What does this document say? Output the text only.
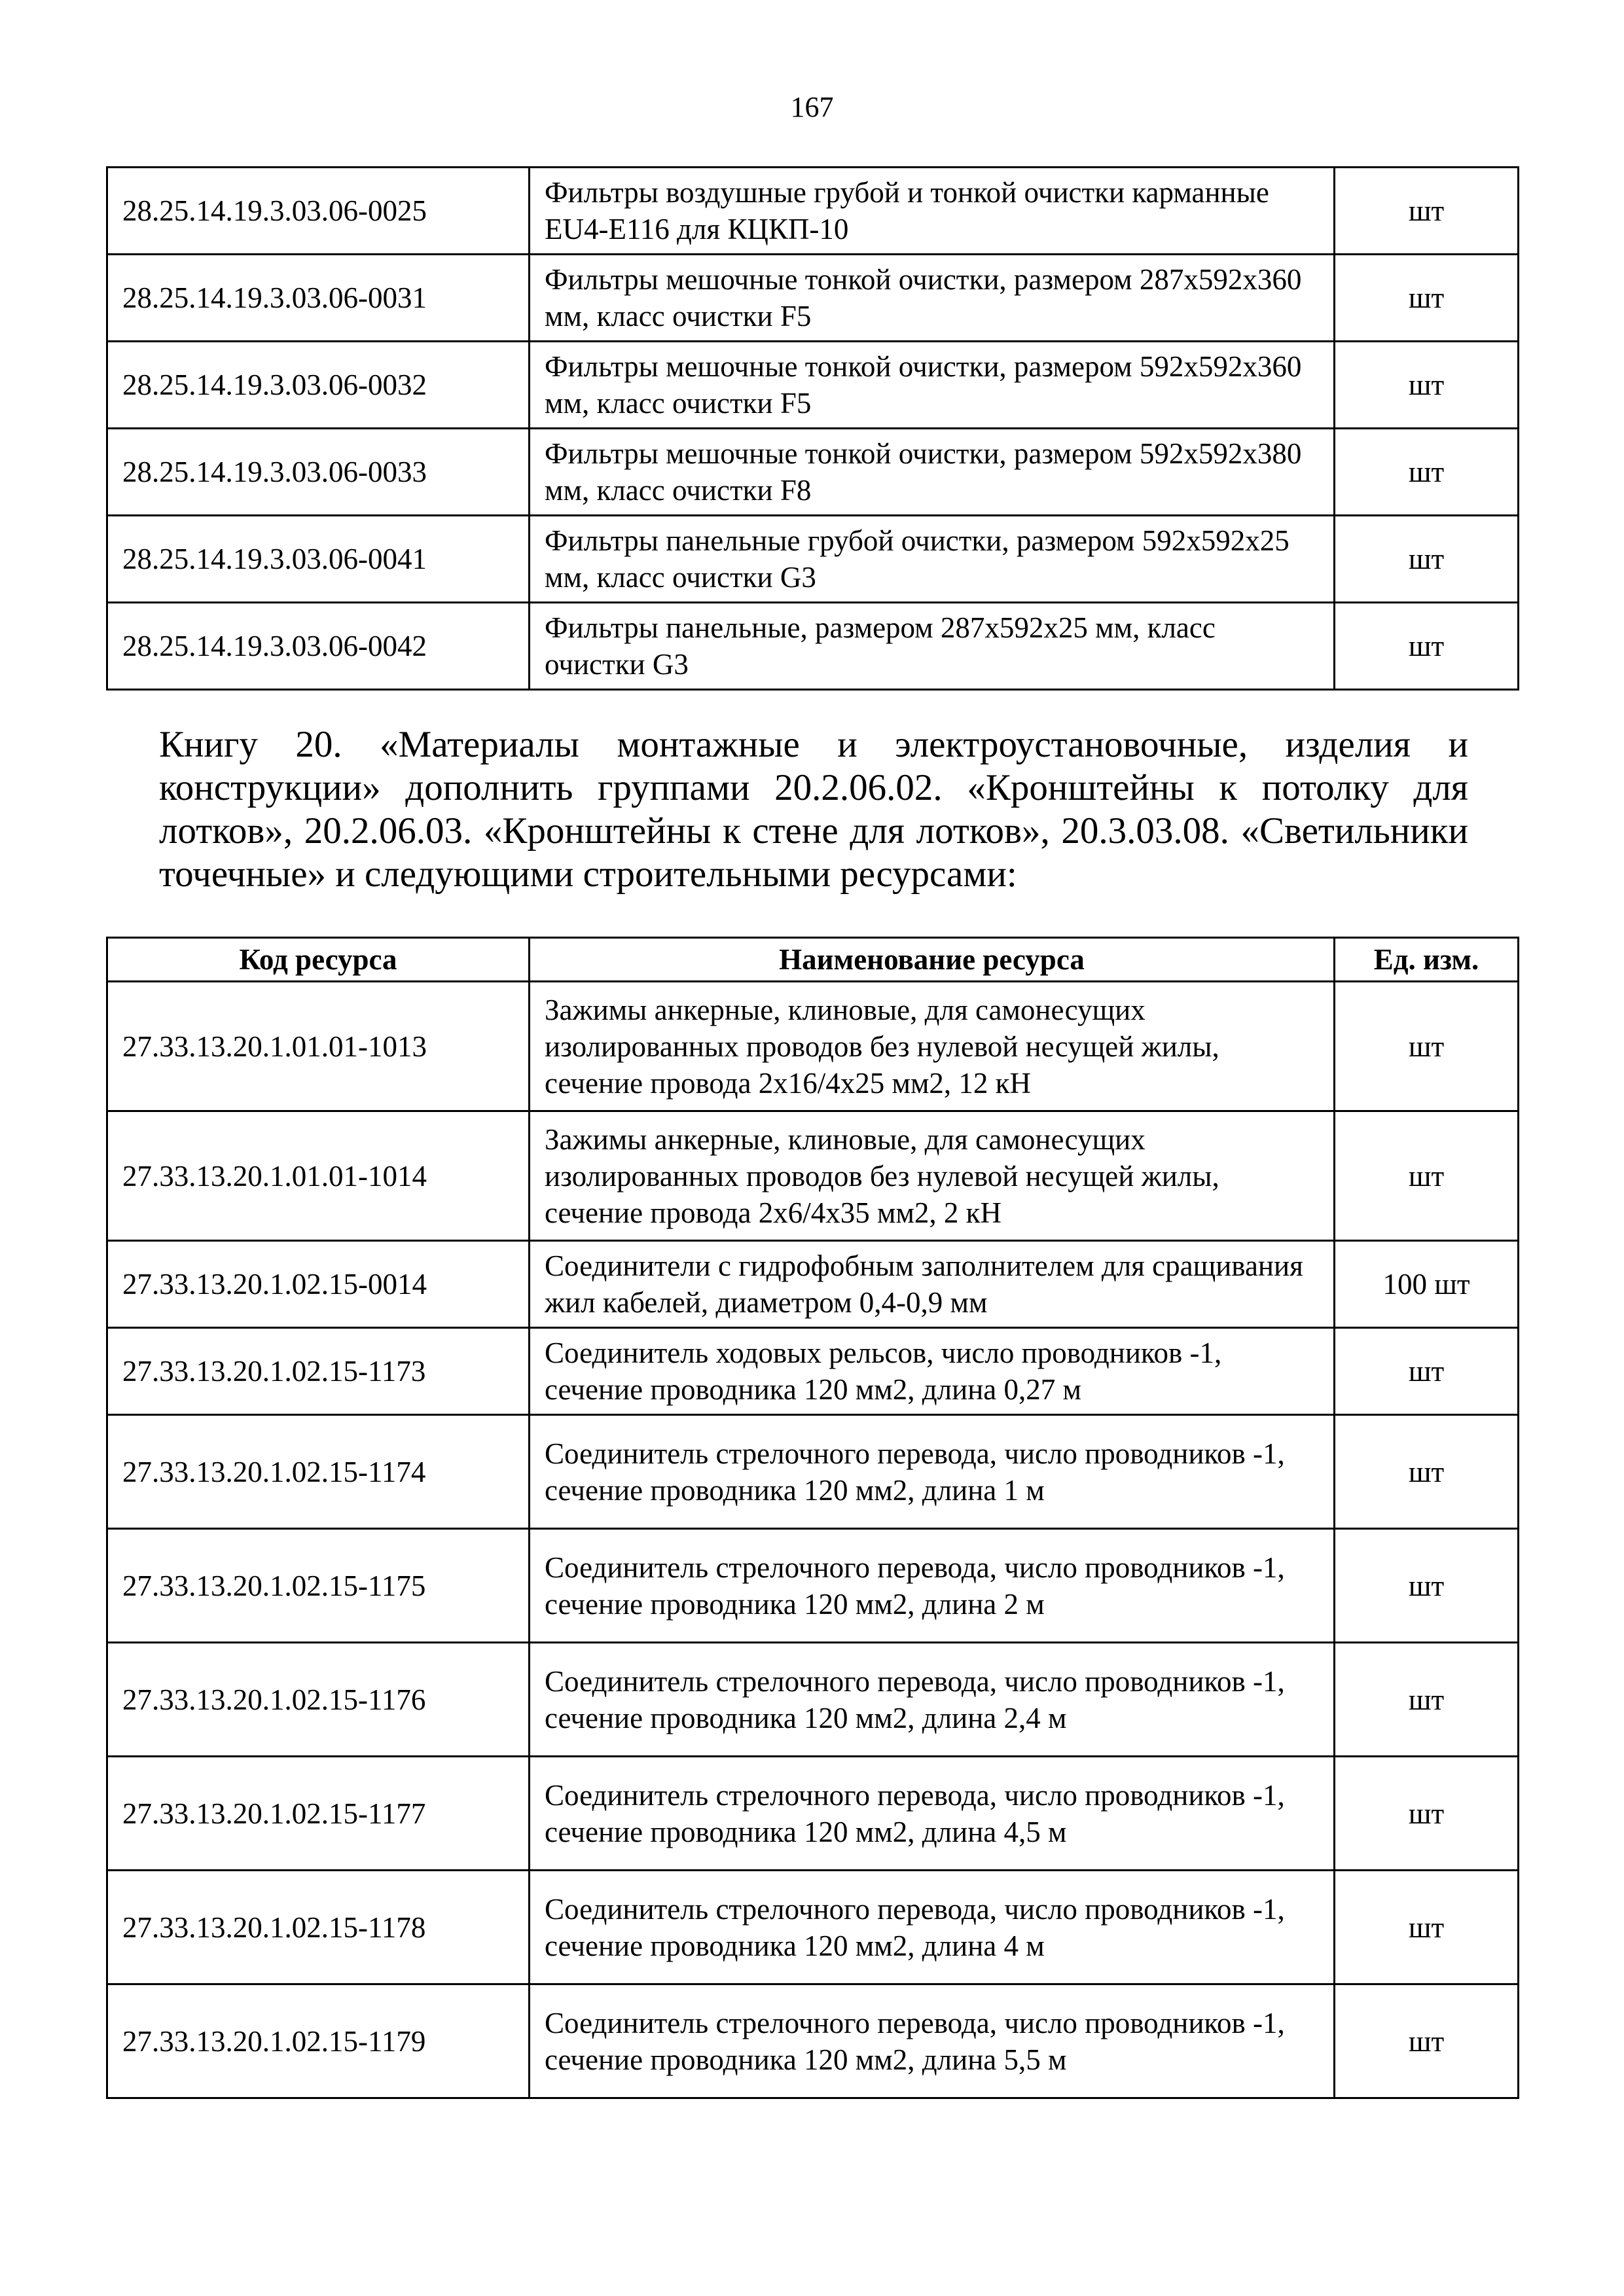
167
28.25.14.19.3.03.06-0025	Фильтры воздушные грубой и тонкой очистки карманные EU4-E116 для КЦКП-10	шт
28.25.14.19.3.03.06-0031	Фильтры мешочные тонкой очистки, размером 287x592x360 мм, класс очистки F5	шт
28.25.14.19.3.03.06-0032	Фильтры мешочные тонкой очистки, размером 592x592x360 мм, класс очистки F5	шт
28.25.14.19.3.03.06-0033	Фильтры мешочные тонкой очистки, размером 592x592x380 мм, класс очистки F8	шт
28.25.14.19.3.03.06-0041	Фильтры панельные грубой очистки, размером 592x592x25 мм, класс очистки G3	шт
28.25.14.19.3.03.06-0042	Фильтры панельные, размером 287x592x25 мм, класс очистки G3	шт
Книгу 20. «Материалы монтажные и электроустановочные, изделия и
конструкции» дополнить группами 20.2.06.02. «Кронштейны к потолку для
лотков», 20.2.06.03. «Кронштейны к стене для лотков», 20.3.03.08. «Светильники
точечные» и следующими строительными ресурсами:
Код ресурса	Наименование ресурса	Ед. изм.
27.33.13.20.1.01.01-1013	Зажимы анкерные, клиновые, для самонесущих изолированных проводов без нулевой несущей жилы, сечение провода 2x16/4x25 мм2, 12 кН	шт
27.33.13.20.1.01.01-1014	Зажимы анкерные, клиновые, для самонесущих изолированных проводов без нулевой несущей жилы, сечение провода 2x6/4x35 мм2, 2 кН	шт
27.33.13.20.1.02.15-0014	Соединители с гидрофобным заполнителем для сращивания жил кабелей, диаметром 0,4-0,9 мм	100 шт
27.33.13.20.1.02.15-1173	Соединитель ходовых рельсов, число проводников -1, сечение проводника 120 мм2, длина 0,27 м	шт
27.33.13.20.1.02.15-1174	Соединитель стрелочного перевода, число проводников -1, сечение проводника 120 мм2, длина 1 м	шт
27.33.13.20.1.02.15-1175	Соединитель стрелочного перевода, число проводников -1, сечение проводника 120 мм2, длина 2 м	шт
27.33.13.20.1.02.15-1176	Соединитель стрелочного перевода, число проводников -1, сечение проводника 120 мм2, длина 2,4 м	шт
27.33.13.20.1.02.15-1177	Соединитель стрелочного перевода, число проводников -1, сечение проводника 120 мм2, длина 4,5 м	шт
27.33.13.20.1.02.15-1178	Соединитель стрелочного перевода, число проводников -1, сечение проводника 120 мм2, длина 4 м	шт
27.33.13.20.1.02.15-1179	Соединитель стрелочного перевода, число проводников -1, сечение проводника 120 мм2, длина 5,5 м	шт
